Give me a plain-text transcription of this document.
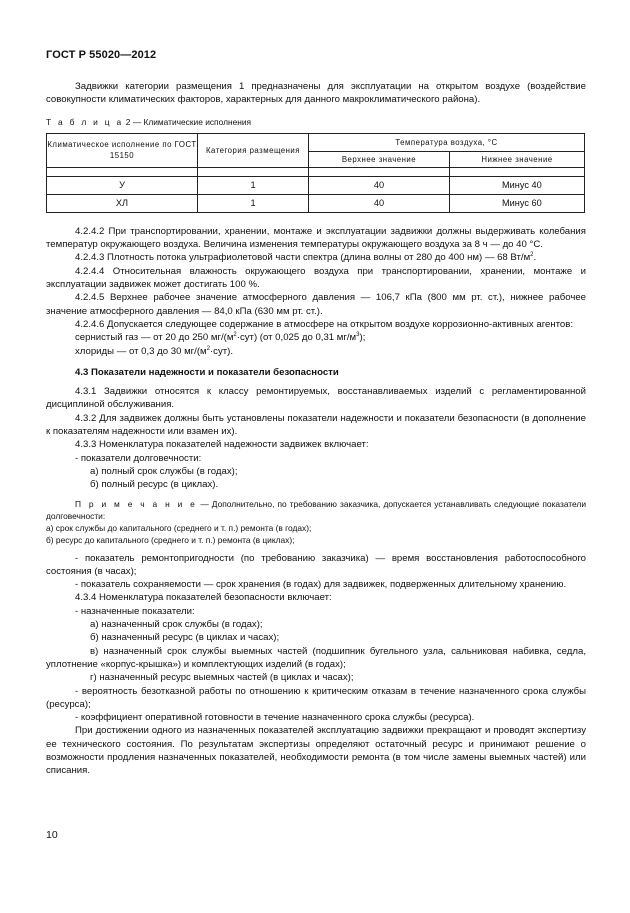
ГОСТ Р 55020—2012

Задвижки категории размещения 1 предназначены для эксплуатации на открытом воздухе (воздействие совокупности климатических факторов, характерных для данного макроклиматического района).

Т а б л и ц а 2 — Климатические исполнения
Климатическое исполнение по ГОСТ 15150	Категория размещения	Температура воздуха, °С	
		Верхнее значение	Нижнее значение

У	1	40	Минус 40
ХЛ	1	40	Минус 60

4.2.4.2 При транспортировании, хранении, монтаже и эксплуатации задвижки должны выдерживать колебания температур окружающего воздуха. Величина изменения температуры окружающего воздуха за 8 ч — до 40 °С.

4.2.4.3 Плотность потока ультрафиолетовой части спектра (длина волны от 280 до 400 нм) — 68 $Вт/м^2$.

4.2.4.4 Относительная влажность окружающего воздуха при транспортировании, хранении, монтаже и эксплуатации задвижек может достигать 100 %.

4.2.4.5 Верхнее рабочее значение атмосферного давления — 106,7 кПа (800 мм рт. ст.), нижнее рабочее значение атмосферного давления — 84,0 кПа (630 мм рт. ст.).

4.2.4.6 Допускается следующее содержание в атмосфере на открытом воздухе коррозионно-активных агентов:

сернистый газ — от 20 до 250 $мг/(м^2\cdot сут)$ (от 0,025 до 0,31 $мг/м^3$);

хлориды — от 0,3 до 30 $мг/(м^2\cdot сут)$.

4.3 Показатели надежности и показатели безопасности

4.3.1 Задвижки относятся к классу ремонтируемых, восстанавливаемых изделий с регламентированной дисциплиной обслуживания.

4.3.2 Для задвижек должны быть установлены показатели надежности и показатели безопасности (в дополнение к показателям надежности или взамен их).

4.3.3 Номенклатура показателей надежности задвижек включает:

- показатели долговечности:

а) полный срок службы (в годах);

б) полный ресурс (в циклах).

П р и м е ч а н и е — Дополнительно, по требованию заказчика, допускается устанавливать следующие показатели долговечности:

а) срок службы до капитального (среднего и т. п.) ремонта (в годах);

б) ресурс до капитального (среднего и т. п.) ремонта (в циклах);

- показатель ремонтопригодности (по требованию заказчика) — время восстановления работоспособного состояния (в часах);

- показатель сохраняемости — срок хранения (в годах) для задвижек, подверженных длительному хранению.

4.3.4 Номенклатура показателей безопасности включает:

- назначенные показатели:

а) назначенный срок службы (в годах);

б) назначенный ресурс (в циклах и часах);

в) назначенный срок службы выемных частей (подшипник бугельного узла, сальниковая набивка, седла, уплотнение «корпус-крышка») и комплектующих изделий (в годах);

г) назначенный ресурс выемных частей (в циклах и часах);

- вероятность безотказной работы по отношению к критическим отказам в течение назначенного срока службы (ресурса);

- коэффициент оперативной готовности в течение назначенного срока службы (ресурса).

При достижении одного из назначенных показателей эксплуатацию задвижки прекращают и проводят экспертизу ее технического состояния. По результатам экспертизы определяют остаточный ресурс и принимают решение о возможности продления назначенных показателей, необходимости ремонта (в том числе замены выемных частей) или списания.

10
